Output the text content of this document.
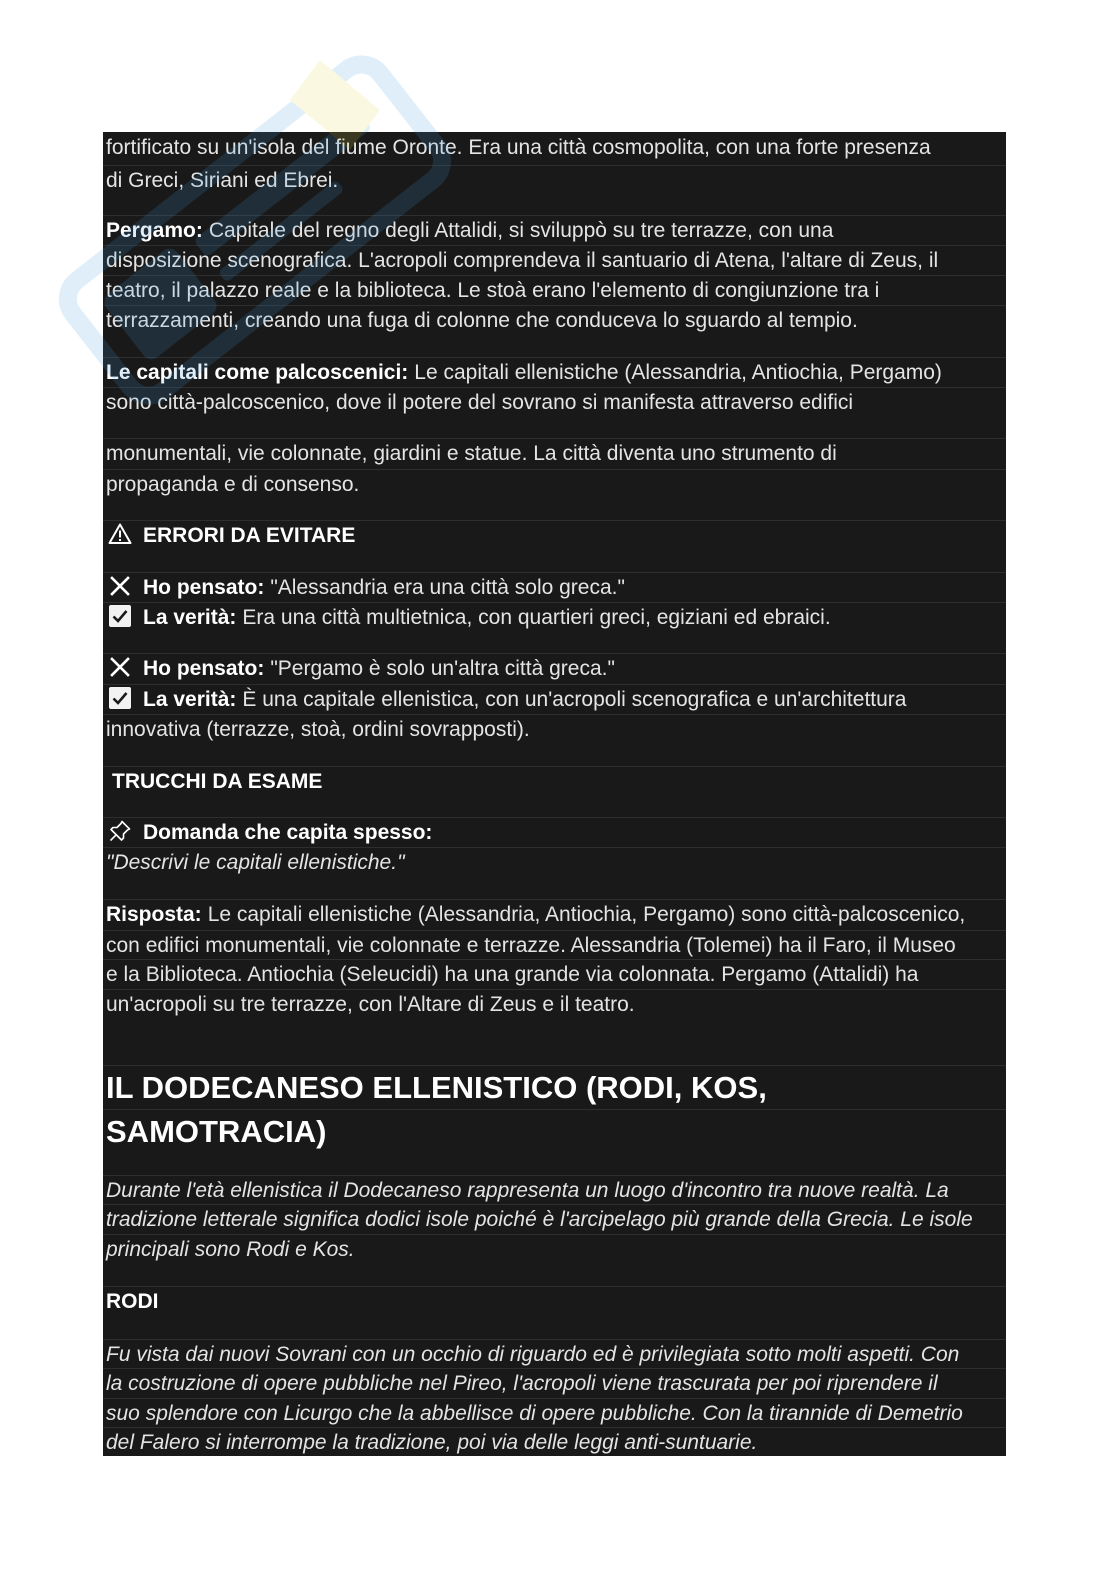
fortificato su un'isola del fiume Oronte. Era una città cosmopolita, con una forte presenza
di Greci, Siriani ed Ebrei.
Pergamo: Capitale del regno degli Attalidi, si sviluppò su tre terrazze, con una
disposizione scenografica. L'acropoli comprendeva il santuario di Atena, l'altare di Zeus, il
teatro, il palazzo reale e la biblioteca. Le stoà erano l'elemento di congiunzione tra i
terrazzamenti, creando una fuga di colonne che conduceva lo sguardo al tempio.
Le capitali come palcoscenici: Le capitali ellenistiche (Alessandria, Antiochia, Pergamo)
sono città-palcoscenico, dove il potere del sovrano si manifesta attraverso edifici
monumentali, vie colonnate, giardini e statue. La città diventa uno strumento di
propaganda e di consenso.
ERRORI DA EVITARE
Ho pensato: "Alessandria era una città solo greca."
La verità: Era una città multietnica, con quartieri greci, egiziani ed ebraici.
Ho pensato: "Pergamo è solo un'altra città greca."
La verità: È una capitale ellenistica, con un'acropoli scenografica e un'architettura
innovativa (terrazze, stoà, ordini sovrapposti).
TRUCCHI DA ESAME
Domanda che capita spesso:
"Descrivi le capitali ellenistiche."
Risposta: Le capitali ellenistiche (Alessandria, Antiochia, Pergamo) sono città-palcoscenico,
con edifici monumentali, vie colonnate e terrazze. Alessandria (Tolemei) ha il Faro, il Museo
e la Biblioteca. Antiochia (Seleucidi) ha una grande via colonnata. Pergamo (Attalidi) ha
un'acropoli su tre terrazze, con l'Altare di Zeus e il teatro.
IL DODECANESO ELLENISTICO (RODI, KOS,
SAMOTRACIA)
Durante l'età ellenistica il Dodecaneso rappresenta un luogo d'incontro tra nuove realtà. La
tradizione letterale significa dodici isole poiché è l'arcipelago più grande della Grecia. Le isole
principali sono Rodi e Kos.
RODI
Fu vista dai nuovi Sovrani con un occhio di riguardo ed è privilegiata sotto molti aspetti. Con
la costruzione di opere pubbliche nel Pireo, l'acropoli viene trascurata per poi riprendere il
suo splendore con Licurgo che la abbellisce di opere pubbliche. Con la tirannide di Demetrio
del Falero si interrompe la tradizione, poi via delle leggi anti-suntuarie.
